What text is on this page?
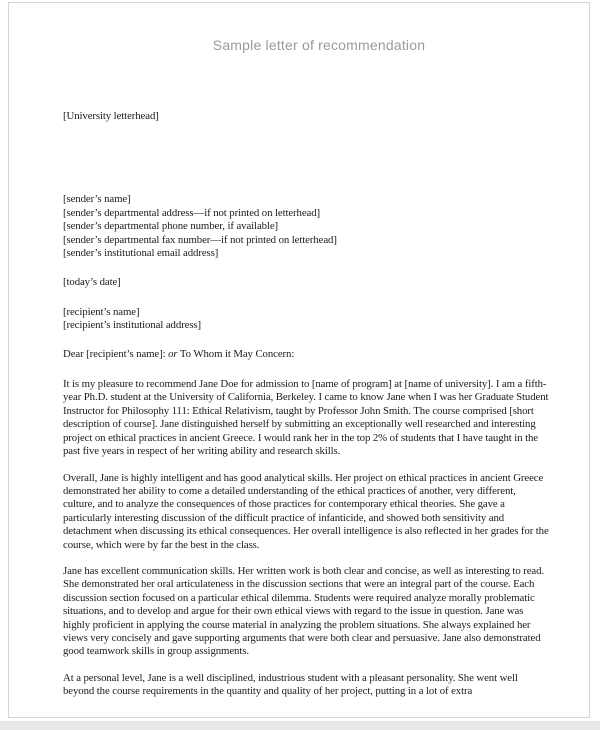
Sample letter of recommendation

[University letterhead]

[sender’s name]

[sender’s departmental address—if not printed on letterhead]

[sender’s departmental phone number, if available]

[sender’s departmental fax number—if not printed on letterhead]

[sender’s institutional email address]

[today’s date]

[recipient’s name]

[recipient’s institutional address]

Dear [recipient’s name]: or To Whom it May Concern:

It is my pleasure to recommend Jane Doe for admission to [name of program] at [name of university]. I am a fifth-year Ph.D. student at the University of California, Berkeley. I came to know Jane when I was her Graduate Student Instructor for Philosophy 111: Ethical Relativism, taught by Professor John Smith. The course comprised [short description of course]. Jane distinguished herself by submitting an exceptionally well researched and interesting project on ethical practices in ancient Greece. I would rank her in the top 2% of students that I have taught in the past five years in respect of her writing ability and research skills.

Overall, Jane is highly intelligent and has good analytical skills. Her project on ethical practices in ancient Greece demonstrated her ability to come a detailed understanding of the ethical practices of another, very different, culture, and to analyze the consequences of those practices for contemporary ethical theories. She gave a particularly interesting discussion of the difficult practice of infanticide, and showed both sensitivity and detachment when discussing its ethical consequences. Her overall intelligence is also reflected in her grades for the course, which were by far the best in the class.

Jane has excellent communication skills. Her written work is both clear and concise, as well as interesting to read. She demonstrated her oral articulateness in the discussion sections that were an integral part of the course. Each discussion section focused on a particular ethical dilemma. Students were required analyze morally problematic situations, and to develop and argue for their own ethical views with regard to the issue in question. Jane was highly proficient in applying the course material in analyzing the problem situations. She always explained her views very concisely and gave supporting arguments that were both clear and persuasive. Jane also demonstrated good teamwork skills in group assignments.

At a personal level, Jane is a well disciplined, industrious student with a pleasant personality. She went well beyond the course requirements in the quantity and quality of her project, putting in a lot of extra
